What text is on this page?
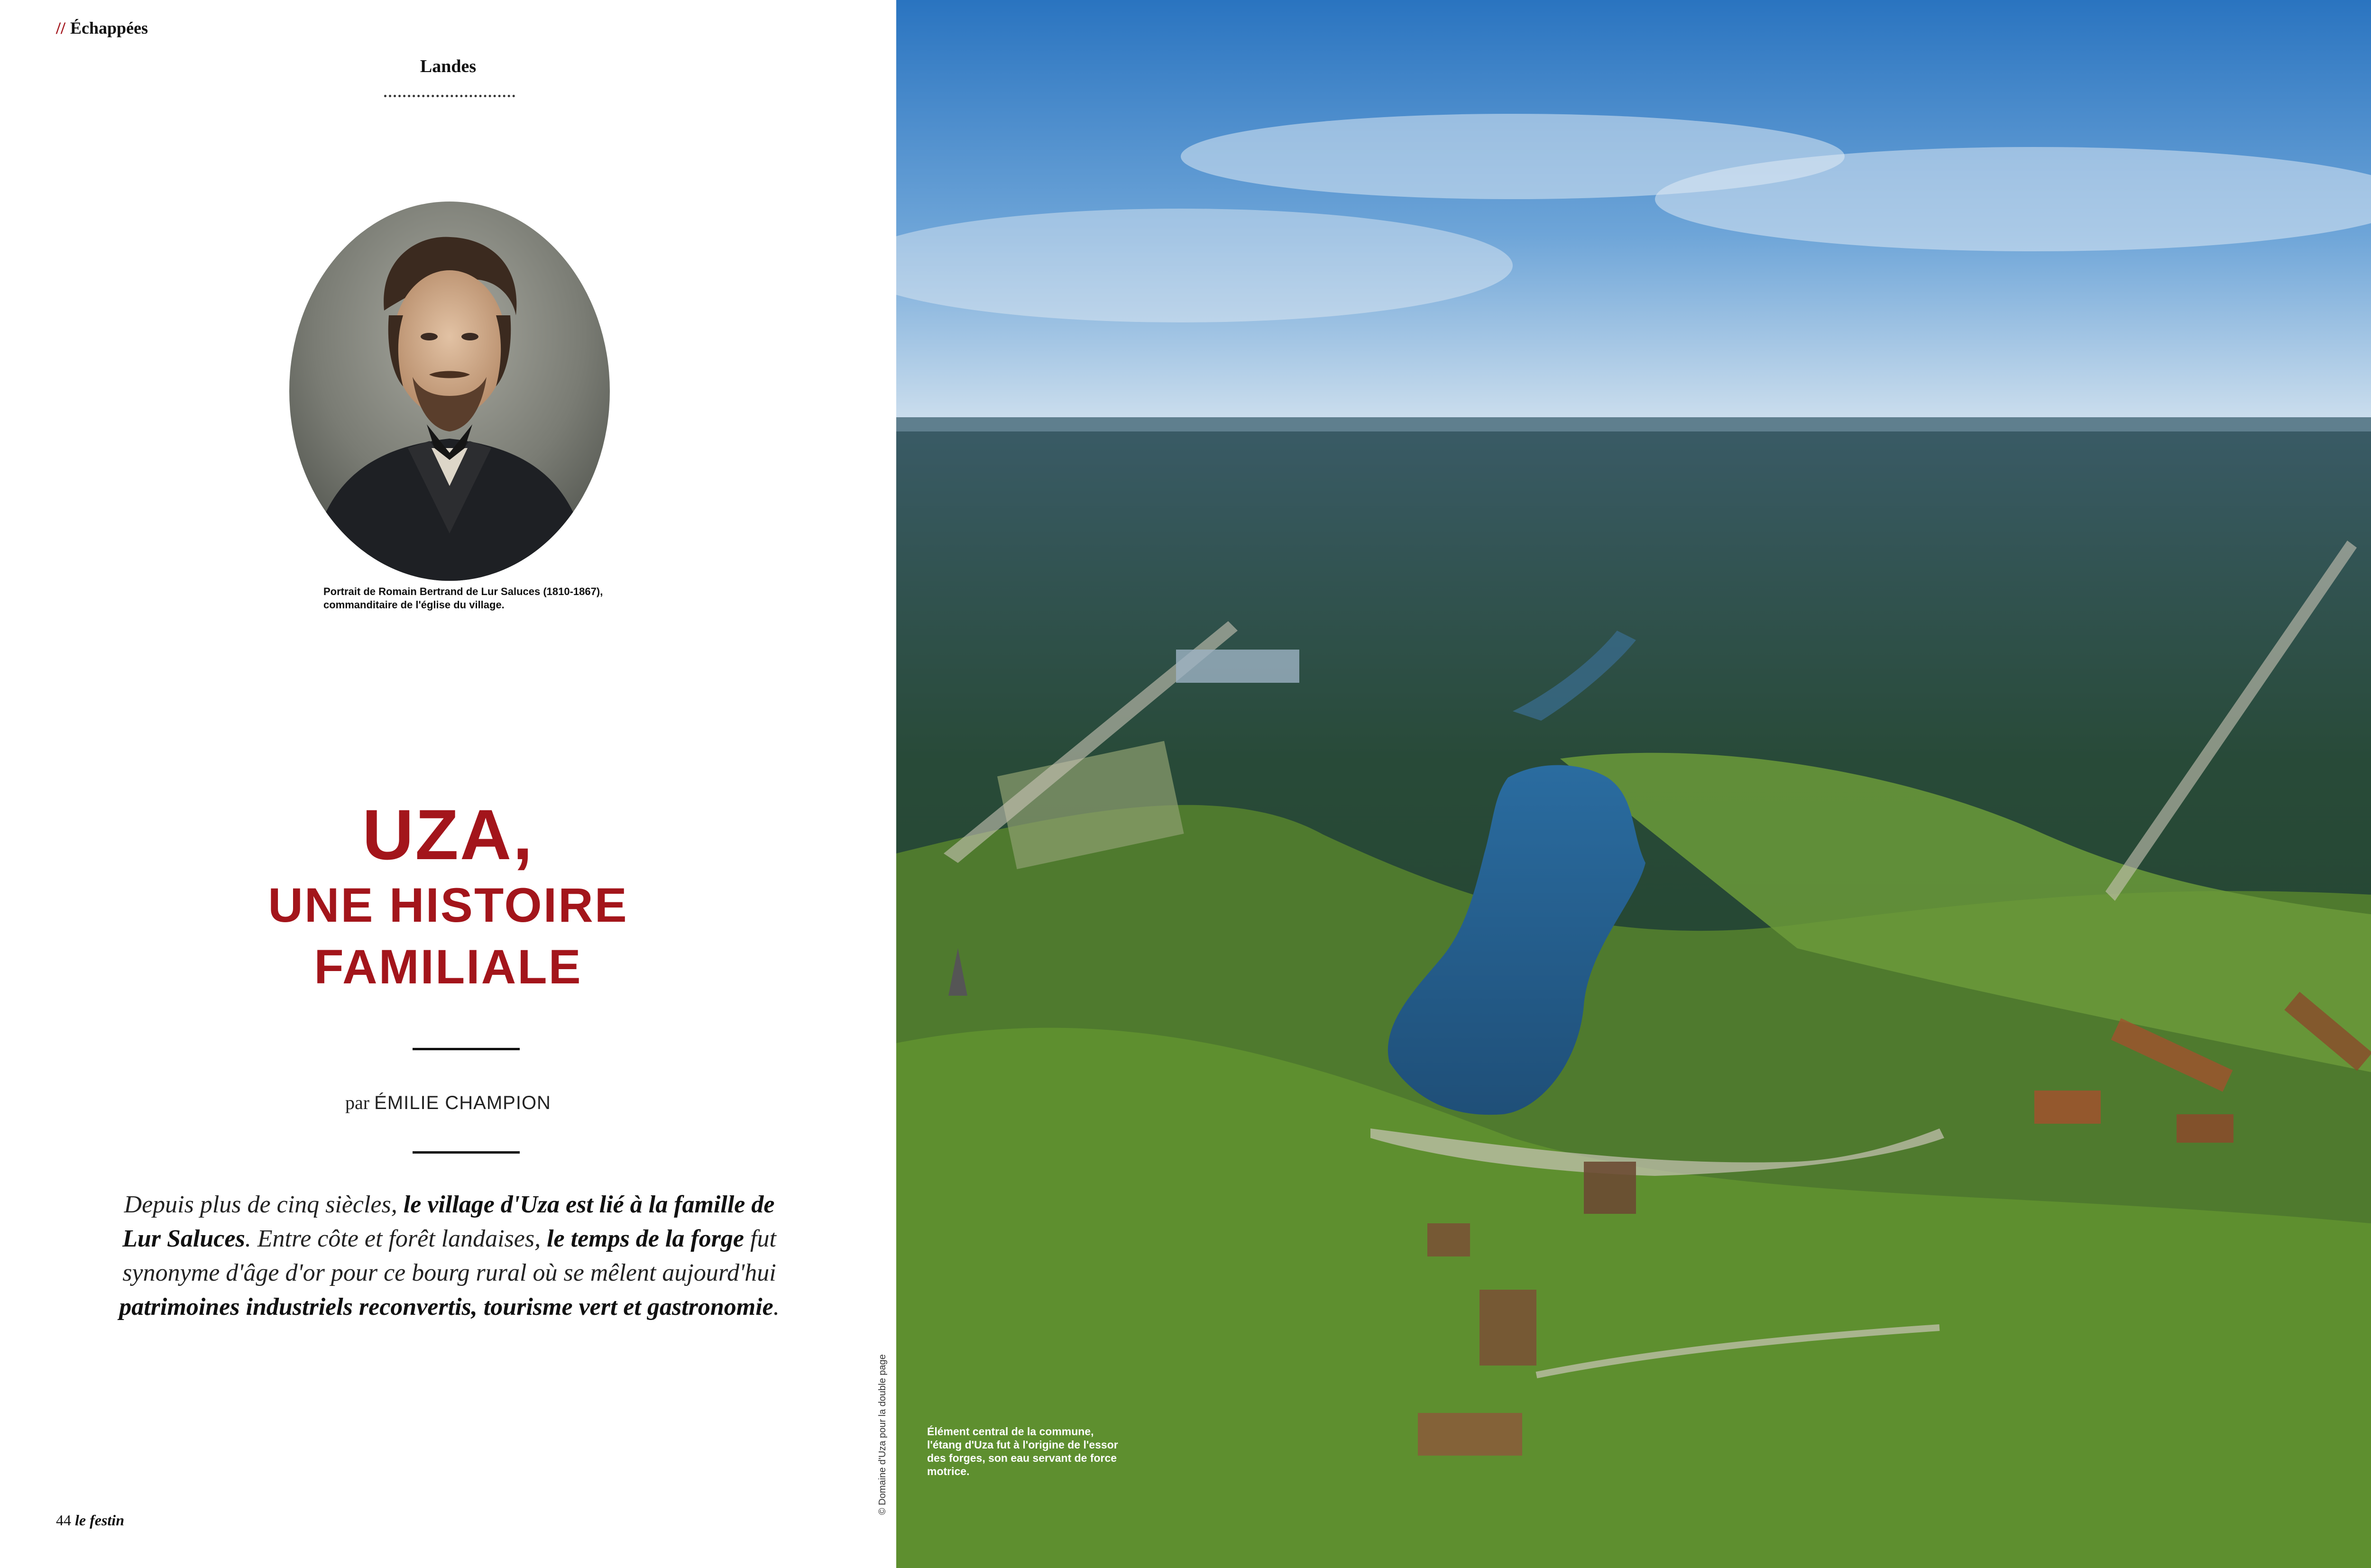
// Échappées
Landes
Portrait de Romain Bertrand de Lur Saluces (1810-1867), commanditaire de l'église du village.
UZA,
UNE HISTOIRE
FAMILIALE
par ÉMILIE CHAMPION
Depuis plus de cinq siècles, le village d'Uza est lié à la famille de Lur Saluces. Entre côte et forêt landaises, le temps de la forge fut synonyme d'âge d'or pour ce bourg rural où se mêlent aujourd'hui patrimoines industriels reconvertis, tourisme vert et gastronomie.
44 le festin
© Domaine d'Uza pour la double page	Élément central de la commune, l'étang d'Uza fut à l'origine de l'essor des forges, son eau servant de force motrice.
